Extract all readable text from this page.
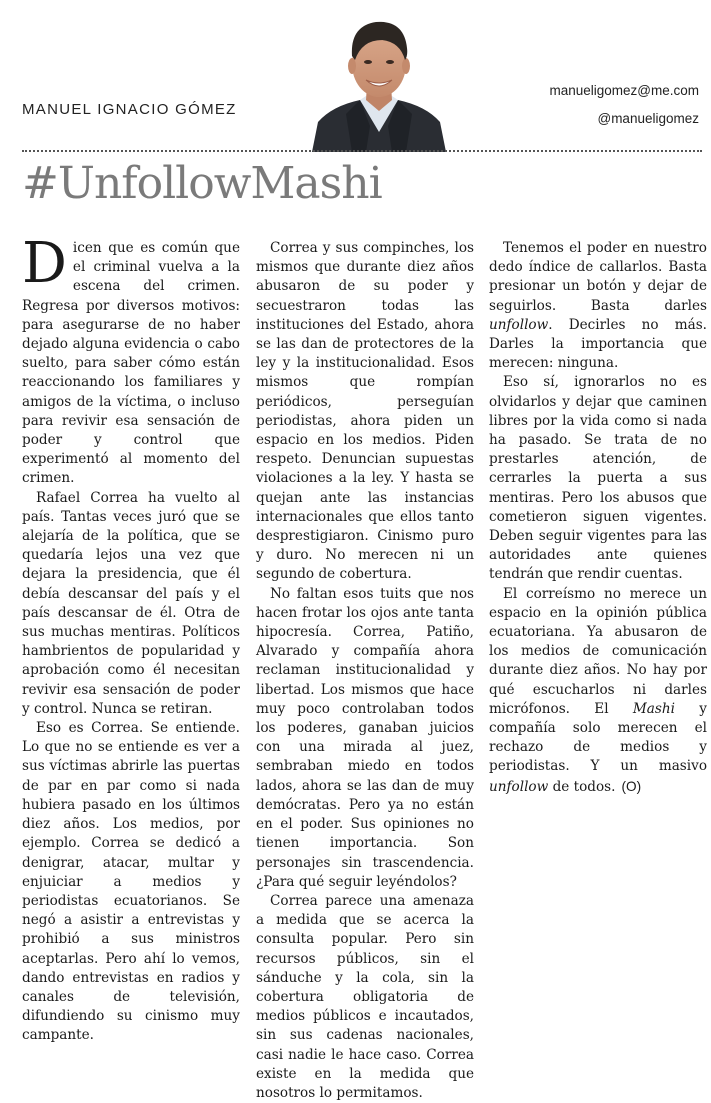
MANUEL IGNACIO GÓMEZ
manueligomez@me.com
@manueligomez
#UnfollowMashi

Dicen que es común que el criminal vuelva a la escena del crimen. Regresa por diversos motivos: para asegurarse de no haber dejado alguna evidencia o cabo suelto, para saber cómo están reaccionando los familiares y amigos de la víctima, o incluso para revivir esa sensación de poder y control que experimentó al momento del crimen.

Rafael Correa ha vuelto al país. Tantas veces juró que se alejaría de la política, que se quedaría lejos una vez que dejara la presidencia, que él debía descansar del país y el país descansar de él. Otra de sus muchas mentiras. Políticos hambrientos de popularidad y aprobación como él necesitan revivir esa sensación de poder y control. Nunca se retiran.

Eso es Correa. Se entiende. Lo que no se entiende es ver a sus víctimas abrirle las puertas de par en par como si nada hubiera pasado en los últimos diez años. Los medios, por ejemplo. Correa se dedicó a denigrar, atacar, multar y enjuiciar a medios y periodistas ecuatorianos. Se negó a asistir a entrevistas y prohibió a sus ministros aceptarlas. Pero ahí lo vemos, dando entrevistas en radios y canales de televisión, difundiendo su cinismo muy campante.

Correa y sus compinches, los mismos que durante diez años abusaron de su poder y secuestraron todas las instituciones del Estado, ahora se las dan de protectores de la ley y la institucionalidad. Esos mismos que rompían periódicos, perseguían periodistas, ahora piden un espacio en los medios. Piden respeto. Denuncian supuestas violaciones a la ley. Y hasta se quejan ante las instancias internacionales que ellos tanto desprestigiaron. Cinismo puro y duro. No merecen ni un segundo de cobertura.

No faltan esos tuits que nos hacen frotar los ojos ante tanta hipocresía. Correa, Patiño, Alvarado y compañía ahora reclaman institucionalidad y libertad. Los mismos que hace muy poco controlaban todos los poderes, ganaban juicios con una mirada al juez, sembraban miedo en todos lados, ahora se las dan de muy demócratas. Pero ya no están en el poder. Sus opiniones no tienen importancia. Son personajes sin trascendencia. ¿Para qué seguir leyéndolos?

Correa parece una amenaza a medida que se acerca la consulta popular. Pero sin recursos públicos, sin el sánduche y la cola, sin la cobertura obligatoria de medios públicos e incautados, sin sus cadenas nacionales, casi nadie le hace caso. Correa existe en la medida que nosotros lo permitamos.

Tenemos el poder en nuestro dedo índice de callarlos. Basta presionar un botón y dejar de seguirlos. Basta darles unfollow. Decirles no más. Darles la importancia que merecen: ninguna.

Eso sí, ignorarlos no es olvidarlos y dejar que caminen libres por la vida como si nada ha pasado. Se trata de no prestarles atención, de cerrarles la puerta a sus mentiras. Pero los abusos que cometieron siguen vigentes. Deben seguir vigentes para las autoridades ante quienes tendrán que rendir cuentas.

El correísmo no merece un espacio en la opinión pública ecuatoriana. Ya abusaron de los medios de comunicación durante diez años. No hay por qué escucharlos ni darles micrófonos. El Mashi y compañía solo merecen el rechazo de medios y periodistas. Y un masivo unfollow de todos. (O)
